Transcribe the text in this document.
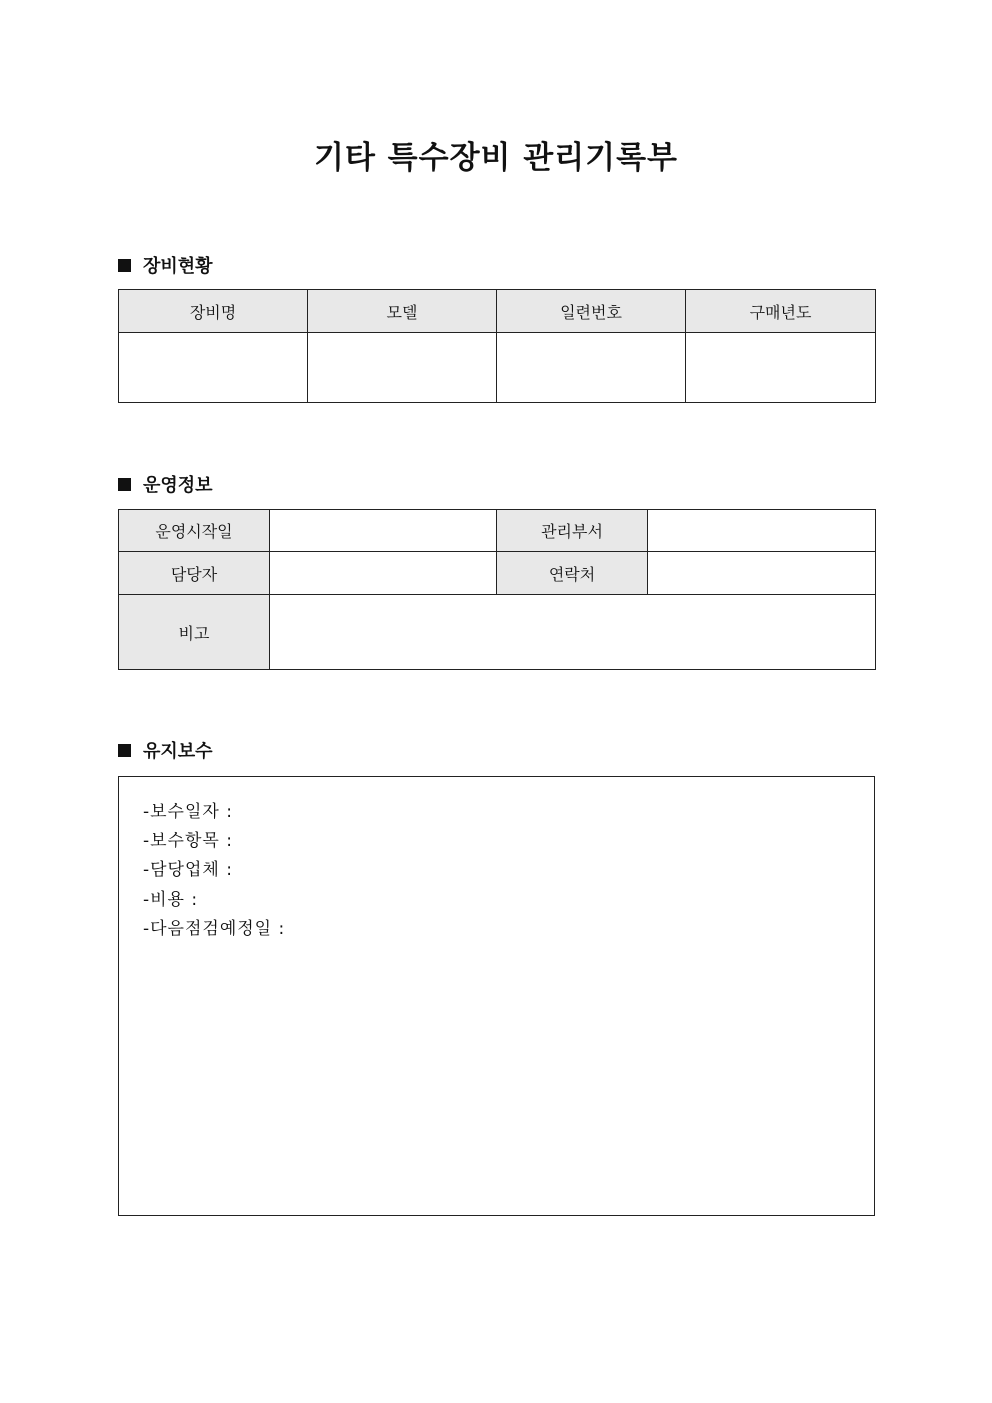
기타 특수장비 관리기록부
장비현황
장비명	모델	일련번호	구매년도

운영정보
운영시작일		관리부서	
담당자		연락처	
비고			
유지보수
-보수일자 :
-보수항목 :
-담당업체 :
-비용 :
-다음점검예정일 :
